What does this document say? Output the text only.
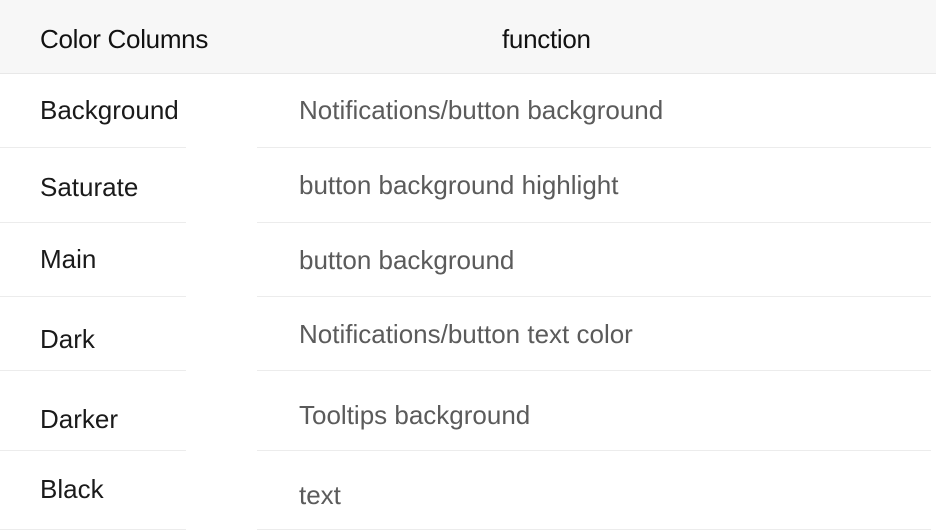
Color Columns	function
Background	Notifications/button background
Saturate	button background highlight
Main	button background
Dark	Notifications/button text color
Darker	Tooltips background
Black	text
